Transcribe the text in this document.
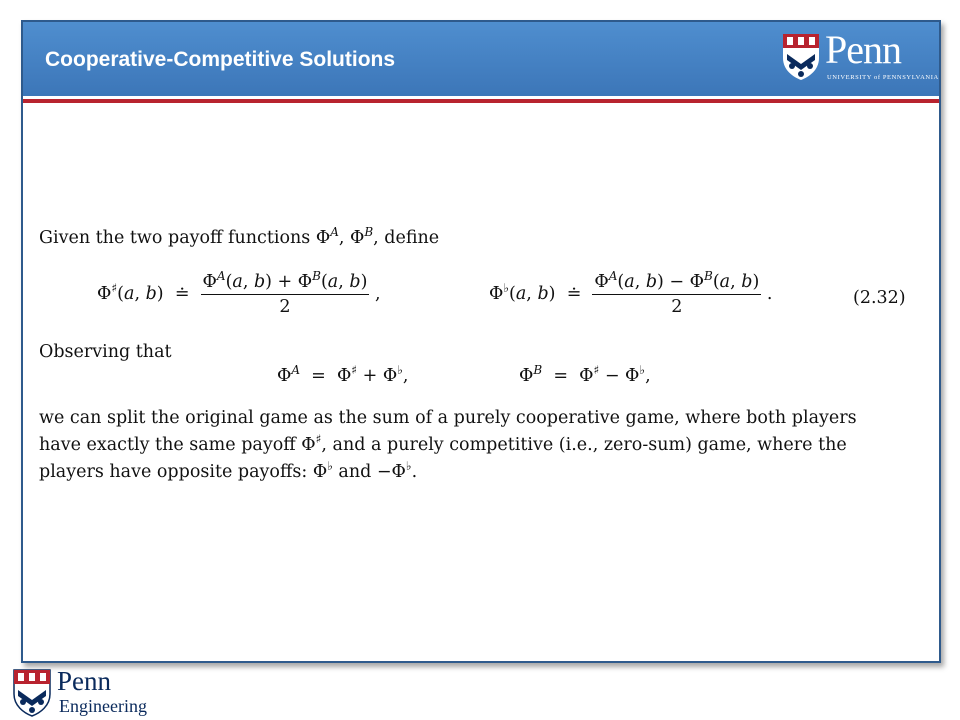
Cooperative-Competitive Solutions	Penn
UNIVERSITY of PENNSYLVANIA
Given the two payoff functions $\Phi^A$, $\Phi^B$, define
Φ♯(a, b)  ≐ $\frac{\Phi^A(a, b) + \Phi^B(a, b)}{2}$ ,	Φ♭(a, b)  ≐ $\frac{\Phi^A(a, b) - \Phi^B(a, b)}{2}$ .	(2.32)
Observing that
$\Phi^A = \Phi^♯ + \Phi^♭$,	$\Phi^B = \Phi^♯ - \Phi^♭$,
we can split the original game as the sum of a purely cooperative game, where both players
have exactly the same payoff Φ♯, and a purely competitive (i.e., zero-sum) game, where the
players have opposite payoffs: Φ♭ and −Φ♭.
Penn
Engineering
